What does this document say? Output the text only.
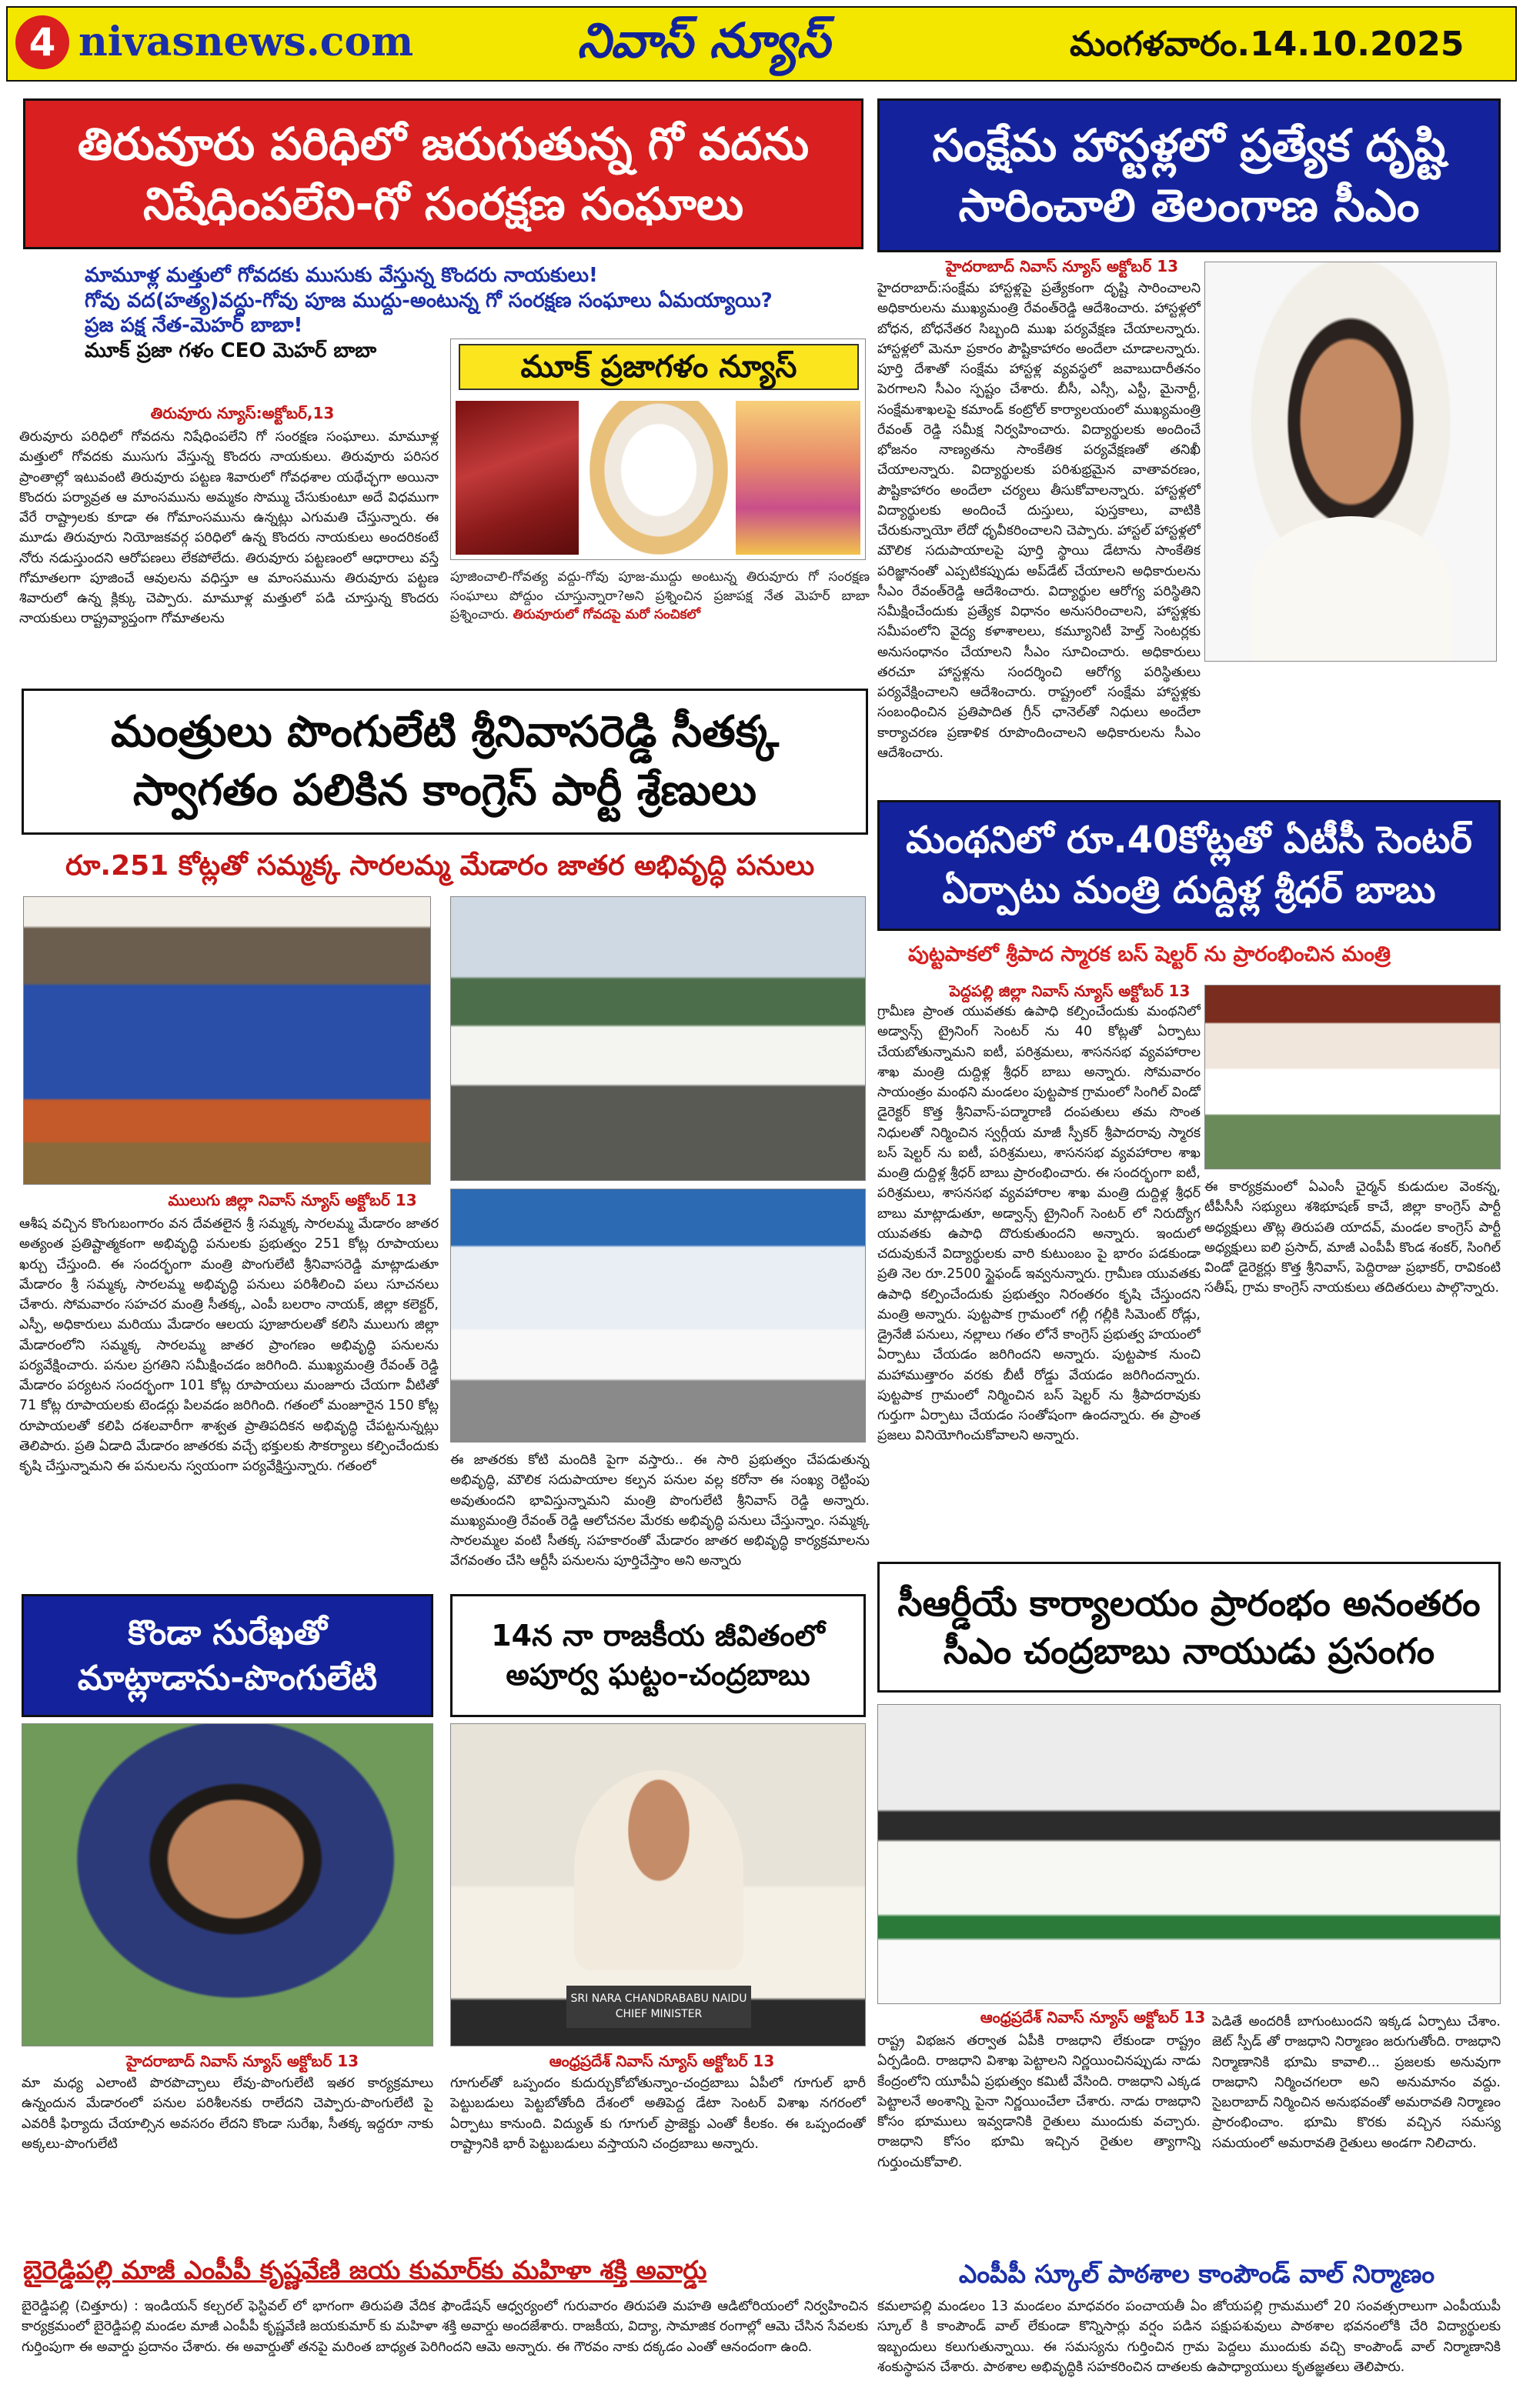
4 nivasnews.com	నివాస్ న్యూస్	మంగళవారం.14.10.2025
తిరువూరు పరిధిలో జరుగుతున్న గో వదను
నిషేధింపలేని-గో సంరక్షణ సంఘాలు
మామూళ్ల మత్తులో గోవదకు ముసుకు వేస్తున్న కొందరు నాయకులు!
గోవు వద(హత్య)వద్దు-గోవు పూజ ముద్దు-అంటున్న గో సంరక్షణ సంఘాలు ఏమయ్యాయి?
ప్రజ పక్ష నేత-మెహర్ బాబా!
మూక్ ప్రజా గళం CEO మెహర్ బాబా
తిరువూరు న్యూస్:అక్టోబర్,13
తిరువూరు పరిధిలో గోవదను నిషేధింపలేని గో సంరక్షణ సంఘాలు. మామూళ్ల మత్తులో గోవదకు ముసుగు వేస్తున్న కొందరు నాయకులు. తిరువూరు పరిసర ప్రాంతాల్లో ఇటువంటి తిరువూరు పట్టణ శివారులో గోవధశాల యథేచ్ఛగా అయినా కొందరు పర్యావ్రత ఆ మాంసమును అమ్మకం సొమ్ము చేసుకుంటూ అదే విధముగా వేరే రాష్ట్రాలకు కూడా ఈ గోమాంసమును ఉన్నట్లు ఎగుమతి చేస్తున్నారు. ఈ మూడు తిరువూరు నియోజకవర్గ పరిధిలో ఉన్న కొందరు నాయకులు అందరికంటే నోరు నడుస్తుందని ఆరోపణలు లేకపోలేదు. తిరువూరు పట్టణంలో ఆధారాలు వస్తే గోమాతలగా పూజించే ఆవులను వధిస్తూ ఆ మాంసమును తిరువూరు పట్టణ శివారులో ఉన్న క్లిక్కు చెప్పారు. మామూళ్ల మత్తులో పడి చూస్తున్న కొందరు నాయకులు రాష్ట్రవ్యాప్తంగా గోమాతలను
మూక్ ప్రజాగళం న్యూస్
పూజించాలి-గోవత్య వద్దు-గోవు పూజ-ముద్దు అంటున్న తిరువూరు గో సంరక్షణ సంఘాలు పోద్దుం చూస్తున్నారా?అని ప్రశ్నించిన ప్రజాపక్ష నేత మెహర్ బాబా ప్రశ్నించారు. తిరువూరులో గోవదపై మరో సంచికలో
సంక్షేమ హాస్టళ్లలో ప్రత్యేక దృష్టి
సారించాలి తెలంగాణ సీఎం
హైదరాబాద్ నివాస్ న్యూస్ అక్టోబర్ 13
హైదరాబాద్:సంక్షేమ హాస్టళ్లపై ప్రత్యేకంగా దృష్టి సారించాలని అధికారులను ముఖ్యమంత్రి రేవంత్‌రెడ్డి ఆదేశించారు. హాస్టళ్లలో బోధన, బోధనేతర సిబ్బంది ముఖ పర్యవేక్షణ చేయాలన్నారు. హాస్టళ్లలో మెనూ ప్రకారం పౌష్టికాహారం అందేలా చూడాలన్నారు. పూర్తి దేశాతో సంక్షేమ హాస్టళ్ల వ్యవస్థలో జవాబుదారీతనం పెరగాలని సీఎం స్పష్టం చేశారు. బీసీ, ఎస్సీ, ఎస్టీ, మైనార్టీ, సంక్షేమశాఖలపై కమాండ్ కంట్రోల్ కార్యాలయంలో ముఖ్యమంత్రి రేవంత్ రెడ్డి సమీక్ష నిర్వహించారు. విద్యార్థులకు అందించే భోజనం నాణ్యతను సాంకేతిక పర్యవేక్షణతో తనిఖీ చేయాలన్నారు. విద్యార్థులకు పరిశుభ్రమైన వాతావరణం, పౌష్టికాహారం అందేలా చర్యలు తీసుకోవాలన్నారు. హాస్టళ్లలో విద్యార్థులకు అందించే దుస్తులు, పుస్తకాలు, వాటికి చేరుకున్నాయో లేదో ధృవీకరించాలని చెప్పారు. హాస్టల్ హాస్టళ్లలో మౌలిక సదుపాయాలపై పూర్తి స్థాయి డేటాను సాంకేతిక పరిజ్ఞానంతో ఎప్పటికప్పుడు అప్‌డేట్ చేయాలని అధికారులను సీఎం రేవంత్‌రెడ్డి ఆదేశించారు. విద్యార్థుల ఆరోగ్య పరిస్థితిని సమీక్షించేందుకు ప్రత్యేక విధానం అనుసరించాలని, హాస్టళ్లకు సమీపంలోని వైద్య కళాశాలలు, కమ్యూనిటీ హెల్త్ సెంటర్లకు అనుసంధానం చేయాలని సీఎం సూచించారు. అధికారులు తరచూ హాస్టళ్లను సందర్శించి ఆరోగ్య పరిస్థితులు పర్యవేక్షించాలని ఆదేశించారు. రాష్ట్రంలో సంక్షేమ హాస్టళ్లకు సంబంధించిన ప్రతిపాదిత గ్రీన్ ఛానెల్‌తో నిధులు అందేలా కార్యాచరణ ప్రణాళిక రూపొందించాలని అధికారులను సీఎం ఆదేశించారు.
మంత్రులు పొంగులేటి శ్రీనివాసరెడ్డి సీతక్క
స్వాగతం పలికిన కాంగ్రెస్ పార్టీ శ్రేణులు
రూ.251 కోట్లతో సమ్మక్క సారలమ్మ మేడారం జాతర అభివృద్ధి పనులు
ములుగు జిల్లా నివాస్ న్యూస్ అక్టోబర్ 13
ఆశీష వచ్చిన కొంగుబంగారం వన దేవతలైన శ్రీ సమ్మక్క సారలమ్మ మేడారం జాతర అత్యంత ప్రతిష్టాత్మకంగా అభివృద్ధి పనులకు ప్రభుత్వం 251 కోట్ల రూపాయలు ఖర్చు చేస్తుంది. ఈ సందర్భంగా మంత్రి పొంగులేటి శ్రీనివాసరెడ్డి మాట్లాడుతూ మేడారం శ్రీ సమ్మక్క సారలమ్మ అభివృద్ధి పనులు పరిశీలించి పలు సూచనలు చేశారు. సోమవారం సహచర మంత్రి సీతక్క, ఎంపీ బలరాం నాయక్, జిల్లా కలెక్టర్, ఎస్పీ, అధికారులు మరియు మేడారం ఆలయ పూజారులతో కలిసి ములుగు జిల్లా మేడారంలోని సమ్మక్క సారలమ్మ జాతర ప్రాంగణం అభివృద్ధి పనులను పర్యవేక్షించారు. పనుల ప్రగతిని సమీక్షించడం జరిగింది. ముఖ్యమంత్రి రేవంత్ రెడ్డి మేడారం పర్యటన సందర్భంగా 101 కోట్ల రూపాయలు మంజూరు చేయగా వీటితో 71 కోట్ల రూపాయలకు టెండర్లు పిలవడం జరిగింది. గతంలో మంజూరైన 150 కోట్ల రూపాయలతో కలిపి దశలవారీగా శాశ్వత ప్రాతిపదికన అభివృద్ధి చేపట్టనున్నట్లు తెలిపారు. ప్రతి ఏడాది మేడారం జాతరకు వచ్చే భక్తులకు సౌకర్యాలు కల్పించేందుకు కృషి చేస్తున్నామని ఈ పనులను స్వయంగా పర్యవేక్షిస్తున్నారు. గతంలో	ఈ జాతరకు కోటి మందికి పైగా వస్తారు.. ఈ సారి ప్రభుత్వం చేపడుతున్న అభివృద్ధి, మౌలిక సదుపాయాల కల్పన పనుల వల్ల కరోనా ఈ సంఖ్య రెట్టింపు అవుతుందని భావిస్తున్నామని మంత్రి పొంగులేటి శ్రీనివాస్ రెడ్డి అన్నారు. ముఖ్యమంత్రి రేవంత్ రెడ్డి ఆలోచనల మేరకు అభివృద్ధి పనులు చేస్తున్నాం. సమ్మక్క సారలమ్మల వంటి సీతక్క సహకారంతో మేడారం జాతర అభివృద్ధి కార్యక్రమాలను వేగవంతం చేసి ఆర్టీసీ పనులను పూర్తిచేస్తాం అని అన్నారు
మంథనిలో రూ.40కోట్లతో ఏటీసీ సెంటర్
ఏర్పాటు మంత్రి దుద్దిళ్ల శ్రీధర్ బాబు
పుట్టపాకలో శ్రీపాద స్మారక బస్ షెల్టర్ ను ప్రారంభించిన మంత్రి
పెద్దపల్లి జిల్లా నివాస్ న్యూస్ అక్టోబర్ 13
గ్రామీణ ప్రాంత యువతకు ఉపాధి కల్పించేందుకు మంథనిలో అడ్వాన్స్ ట్రైనింగ్ సెంటర్ ను 40 కోట్లతో ఏర్పాటు చేయబోతున్నామని ఐటీ, పరిశ్రమలు, శాసనసభ వ్యవహారాల శాఖ మంత్రి దుద్దిళ్ల శ్రీధర్ బాబు అన్నారు. సోమవారం సాయంత్రం మంథని మండలం పుట్టపాక గ్రామంలో సింగిల్ విండో డైరెక్టర్ కొత్త శ్రీనివాస్-పద్మారాణి దంపతులు తమ సొంత నిధులతో నిర్మించిన స్వర్గీయ మాజీ స్పీకర్ శ్రీపాదరావు స్మారక బస్ షెల్టర్ ను ఐటీ, పరిశ్రమలు, శాసనసభ వ్యవహారాల శాఖ మంత్రి దుద్దిళ్ల శ్రీధర్ బాబు ప్రారంభించారు. ఈ సందర్భంగా ఐటీ, పరిశ్రమలు, శాసనసభ వ్యవహారాల శాఖ మంత్రి దుద్దిళ్ల శ్రీధర్ బాబు మాట్లాడుతూ, అడ్వాన్స్ ట్రైనింగ్ సెంటర్ లో నిరుద్యోగ యువతకు ఉపాధి దొరుకుతుందని అన్నారు. ఇందులో చదువుకునే విద్యార్థులకు వారి కుటుంబం పై భారం పడకుండా ప్రతి నెల రూ.2500 స్టైఫండ్ ఇవ్వనున్నారు. గ్రామీణ యువతకు ఉపాధి కల్పించేందుకు ప్రభుత్వం నిరంతరం కృషి చేస్తుందని మంత్రి అన్నారు. పుట్టపాక గ్రామంలో గల్లీ గల్లీకి సిమెంట్ రోడ్లు, డ్రైనేజీ పనులు, నల్లాలు గతం లోనే కాంగ్రెస్ ప్రభుత్వ హయంలో ఏర్పాటు చేయడం జరిగిందని అన్నారు. పుట్టపాక నుంచి మహాముత్తారం వరకు బీటీ రోడ్డు వేయడం జరిగిందన్నారు. పుట్టపాక గ్రామంలో నిర్మించిన బస్ షెల్టర్ ను శ్రీపాదరావుకు గుర్తుగా ఏర్పాటు చేయడం సంతోషంగా ఉందన్నారు. ఈ ప్రాంత ప్రజలు వినియోగించుకోవాలని అన్నారు.
ఈ కార్యక్రమంలో ఏఎంసీ చైర్మన్ కుడుదుల వెంకన్న, టీపీసీసీ సభ్యులు శశిభూషణ్ కాచే, జిల్లా కాంగ్రెస్ పార్టీ అధ్యక్షులు తొట్ల తిరుపతి యాదవ్, మండల కాంగ్రెస్ పార్టీ అధ్యక్షులు ఐలి ప్రసాద్, మాజీ ఎంపీపీ కొండ శంకర్, సింగిల్ విండో డైరెక్టర్లు కొత్త శ్రీనివాస్, పెద్దిరాజు ప్రభాకర్, రావికంటి సతీష్, గ్రామ కాంగ్రెస్ నాయకులు తదితరులు పాల్గొన్నారు.
సీఆర్డీయే కార్యాలయం ప్రారంభం అనంతరం
సీఎం చంద్రబాబు నాయుడు ప్రసంగం
ఆంధ్రప్రదేశ్ నివాస్ న్యూస్ అక్టోబర్ 13
రాష్ట్ర విభజన తర్వాత ఏపీకి రాజధాని లేకుండా రాష్ట్రం ఏర్పడింది. రాజధాని విశాఖ పెట్టాలని నిర్ణయించినప్పుడు నాడు కేంద్రంలోని యూపీఏ ప్రభుత్వం కమిటీ వేసింది. రాజధాని ఎక్కడ పెట్టాలనే అంశాన్ని పైనా నిర్ణయించేలా చేశారు. నాడు రాజధాని కోసం భూములు ఇవ్వడానికి రైతులు ముందుకు వచ్చారు. రాజధాని కోసం భూమి ఇచ్చిన రైతుల త్యాగాన్ని గుర్తుంచుకోవాలి.
పెడితే అందరికీ బాగుంటుందని ఇక్కడ ఏర్పాటు చేశాం. జెట్ స్పీడ్ తో రాజధాని నిర్మాణం జరుగుతోంది. రాజధాని నిర్మాణానికి భూమి కావాలి... ప్రజలకు అనువుగా రాజధాని నిర్మించగలరా అని అనుమానం వద్దు. సైబరాబాద్ నిర్మించిన అనుభవంతో అమరావతి నిర్మాణం ప్రారంభించాం. భూమి కొరకు వచ్చిన సమస్య సమయంలో అమరావతి రైతులు అండగా నిలిచారు.
కొండా సురేఖతో
మాట్లాడాను-పొంగులేటి
హైదరాబాద్ నివాస్ న్యూస్ అక్టోబర్ 13
మా మధ్య ఎలాంటి పొరపొచ్చాలు లేవు-పొంగులేటి ఇతర కార్యక్రమాలు ఉన్నందున మేడారంలో పనుల పరిశీలనకు రాలేదని చెప్పారు-పొంగులేటి పై ఎవరికీ ఫిర్యాదు చేయాల్సిన అవసరం లేదని కొండా సురేఖ, సీతక్క ఇద్దరూ నాకు అక్కలు-పొంగులేటి
14న నా రాజకీయ జీవితంలో
అపూర్వ ఘట్టం-చంద్రబాబు
SRI NARA CHANDRABABU NAIDU
CHIEF MINISTER
ఆంధ్రప్రదేశ్ నివాస్ న్యూస్ అక్టోబర్ 13
గూగుల్‌తో ఒప్పందం కుదుర్చుకోబోతున్నాం-చంద్రబాబు ఏపీలో గూగుల్ భారీ పెట్టుబడులు పెట్టబోతోంది దేశంలో అతిపెద్ద డేటా సెంటర్ విశాఖ నగరంలో ఏర్పాటు కానుంది. విద్యుత్ కు గూగుల్ ప్రాజెక్టు ఎంతో కీలకం. ఈ ఒప్పందంతో రాష్ట్రానికి భారీ పెట్టుబడులు వస్తాయని చంద్రబాబు అన్నారు.
బైరెడ్డిపల్లి మాజీ ఎంపీపీ కృష్ణవేణి జయ కుమార్‌కు మహిళా శక్తి అవార్డు
బైరెడ్డిపల్లి (చిత్తూరు) : ఇండియన్ కల్చరల్ ఫెస్టివల్ లో భాగంగా తిరుపతి వేదిక ఫౌండేషన్ ఆధ్వర్యంలో గురువారం తిరుపతి మహతి ఆడిటోరియంలో నిర్వహించిన కార్యక్రమంలో బైరెడ్డిపల్లి మండల మాజీ ఎంపీపీ కృష్ణవేణి జయకుమార్ కు మహిళా శక్తి అవార్డు అందజేశారు. రాజకీయ, విద్యా, సామాజిక రంగాల్లో ఆమె చేసిన సేవలకు గుర్తింపుగా ఈ అవార్డు ప్రదానం చేశారు. ఈ అవార్డుతో తనపై మరింత బాధ్యత పెరిగిందని ఆమె అన్నారు. ఈ గౌరవం నాకు దక్కడం ఎంతో ఆనందంగా ఉంది.
ఎంపీపీ స్కూల్ పాఠశాల కాంపౌండ్ వాల్ నిర్మాణం
కమలాపల్లి మండలం 13 మండలం మాధవరం పంచాయతీ ఏం జోయపల్లి గ్రామములో 20 సంవత్సరాలుగా ఎంపీయుపీ స్కూల్ కి కాంపౌండ్ వాల్ లేకుండా కొన్నిసార్లు వర్షం పడిన పక్షుపశువులు పాఠశాల భవనంలోకి చేరి విద్యార్థులకు ఇబ్బందులు కలుగుతున్నాయి. ఈ సమస్యను గుర్తించిన గ్రామ పెద్దలు ముందుకు వచ్చి కాంపౌండ్ వాల్ నిర్మాణానికి శంకుస్థాపన చేశారు. పాఠశాల అభివృద్ధికి సహకరించిన దాతలకు ఉపాధ్యాయులు కృతజ్ఞతలు తెలిపారు.
